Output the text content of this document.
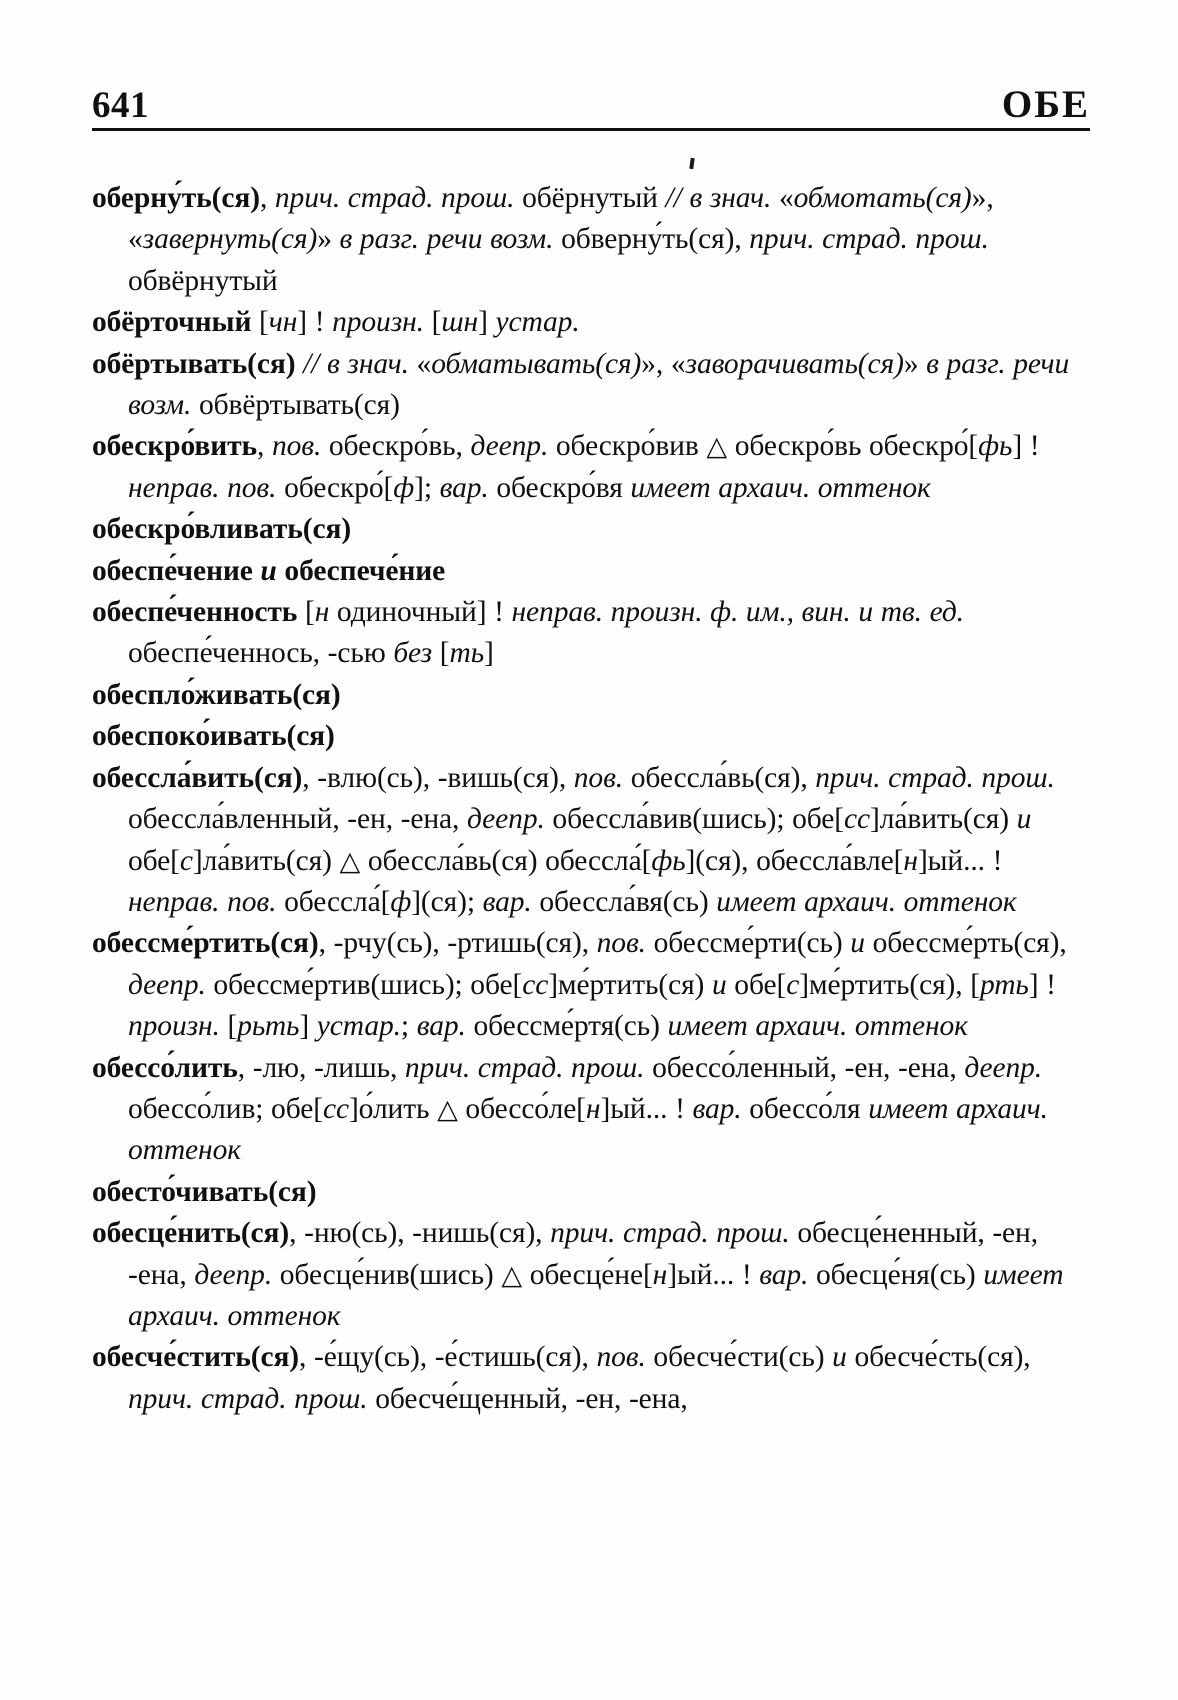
641	ОБЕ

оберну́ть(ся), прич. страд. прош. обёрнутый // в знач. «обмотать(ся)», «завернуть(ся)» в разг. речи возм. обверну́ть(ся), прич. страд. прош. обвёрнутый

обёрточный [чн] ! произн. [шн] устар.

обёртывать(ся) // в знач. «обматывать(ся)», «заворачивать(ся)» в разг. речи возм. обвёртывать(ся)

обескро́вить, пов. обескро́вь, деепр. обескро́вив △ обескро́вь обескро́[фь] ! неправ. пов. обескро́[ф]; вар. обескро́вя имеет архаич. оттенок

обескро́вливать(ся)

обеспе́чение и обеспече́ние

обеспе́ченность [н одиночный] ! неправ. произн. ф. им., вин. и тв. ед. обеспе́ченнось, -сью без [ть]

обеспло́живать(ся)

обеспоко́ивать(ся)

обессла́вить(ся), -влю(сь), -вишь(ся), пов. обессла́вь(ся), прич. страд. прош. обессла́вленный, -ен, -ена, деепр. обессла́вив(шись); обе[сс]ла́вить(ся) и обе[с]ла́вить(ся) △ обессла́вь(ся) обессла́[фь](ся), обессла́вле[н]ый... ! неправ. пов. обессла́[ф](ся); вар. обессла́вя(сь) имеет архаич. оттенок

обессме́ртить(ся), -рчу(сь), -ртишь(ся), пов. обессме́рти(сь) и обессме́рть(ся), деепр. обессме́ртив(шись); обе[сс]ме́ртить(ся) и обе[с]ме́ртить(ся), [рть] ! произн. [рьть] устар.; вар. обессме́ртя(сь) имеет архаич. оттенок

обессо́лить, -лю, -лишь, прич. страд. прош. обессо́ленный, -ен, -ена, деепр. обессо́лив; обе[сс]о́лить △ обессо́ле[н]ый... ! вар. обессо́ля имеет архаич. оттенок

обесто́чивать(ся)

обесце́нить(ся), -ню(сь), -нишь(ся), прич. страд. прош. обесце́ненный, -ен, -ена, деепр. обесце́нив(шись) △ обесце́не[н]ый... ! вар. обесце́ня(сь) имеет архаич. оттенок

обесче́стить(ся), -е́щу(сь), -е́стишь(ся), пов. обесче́сти(сь) и обесче́сть(ся), прич. страд. прош. обесче́щенный, -ен, -ена,
